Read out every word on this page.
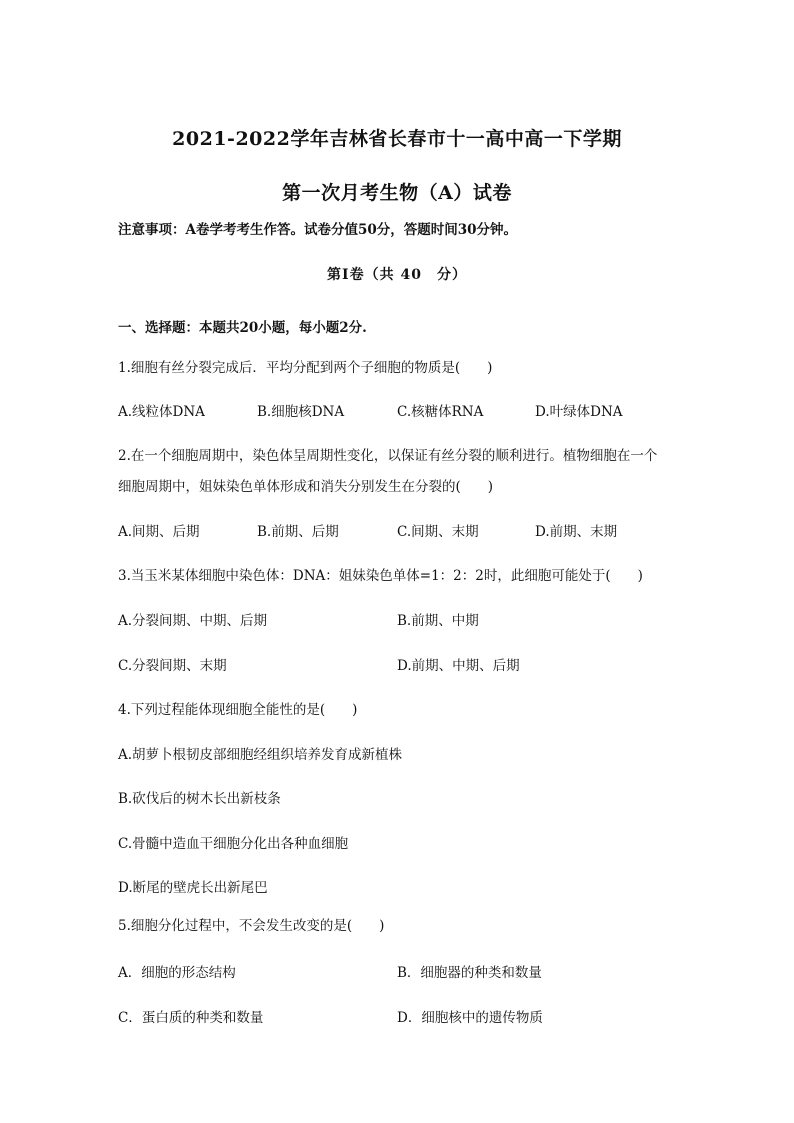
2021-2022学年吉林省长春市十一高中高一下学期
第一次月考生物（A）试卷
注意事项：A卷学考考生作答。试卷分值50分，答题时间30分钟。
第Ⅰ卷（共 40　分）
一、选择题：本题共20小题，每小题2分.
1.细胞有丝分裂完成后．平均分配到两个子细胞的物质是(　　)
A.线粒体DNA	B.细胞核DNA	C.核糖体RNA	D.叶绿体DNA
2.在一个细胞周期中，染色体呈周期性变化，以保证有丝分裂的顺利进行。植物细胞在一个
细胞周期中，姐妹染色单体形成和消失分别发生在分裂的(　　)
A.间期、后期	B.前期、后期	C.间期、末期	D.前期、末期
3.当玉米某体细胞中染色体：DNA：姐妹染色单体=1：2：2时，此细胞可能处于(　　)
A.分裂间期、中期、后期	B.前期、中期
C.分裂间期、末期	D.前期、中期、后期
4.下列过程能体现细胞全能性的是(　　)
A.胡萝卜根韧皮部细胞经组织培养发育成新植株
B.砍伐后的树木长出新枝条
C.骨髓中造血干细胞分化出各种血细胞
D.断尾的壁虎长出新尾巴
5.细胞分化过程中，不会发生改变的是(　　)
A．细胞的形态结构	B．细胞器的种类和数量
C．蛋白质的种类和数量	D．细胞核中的遗传物质
